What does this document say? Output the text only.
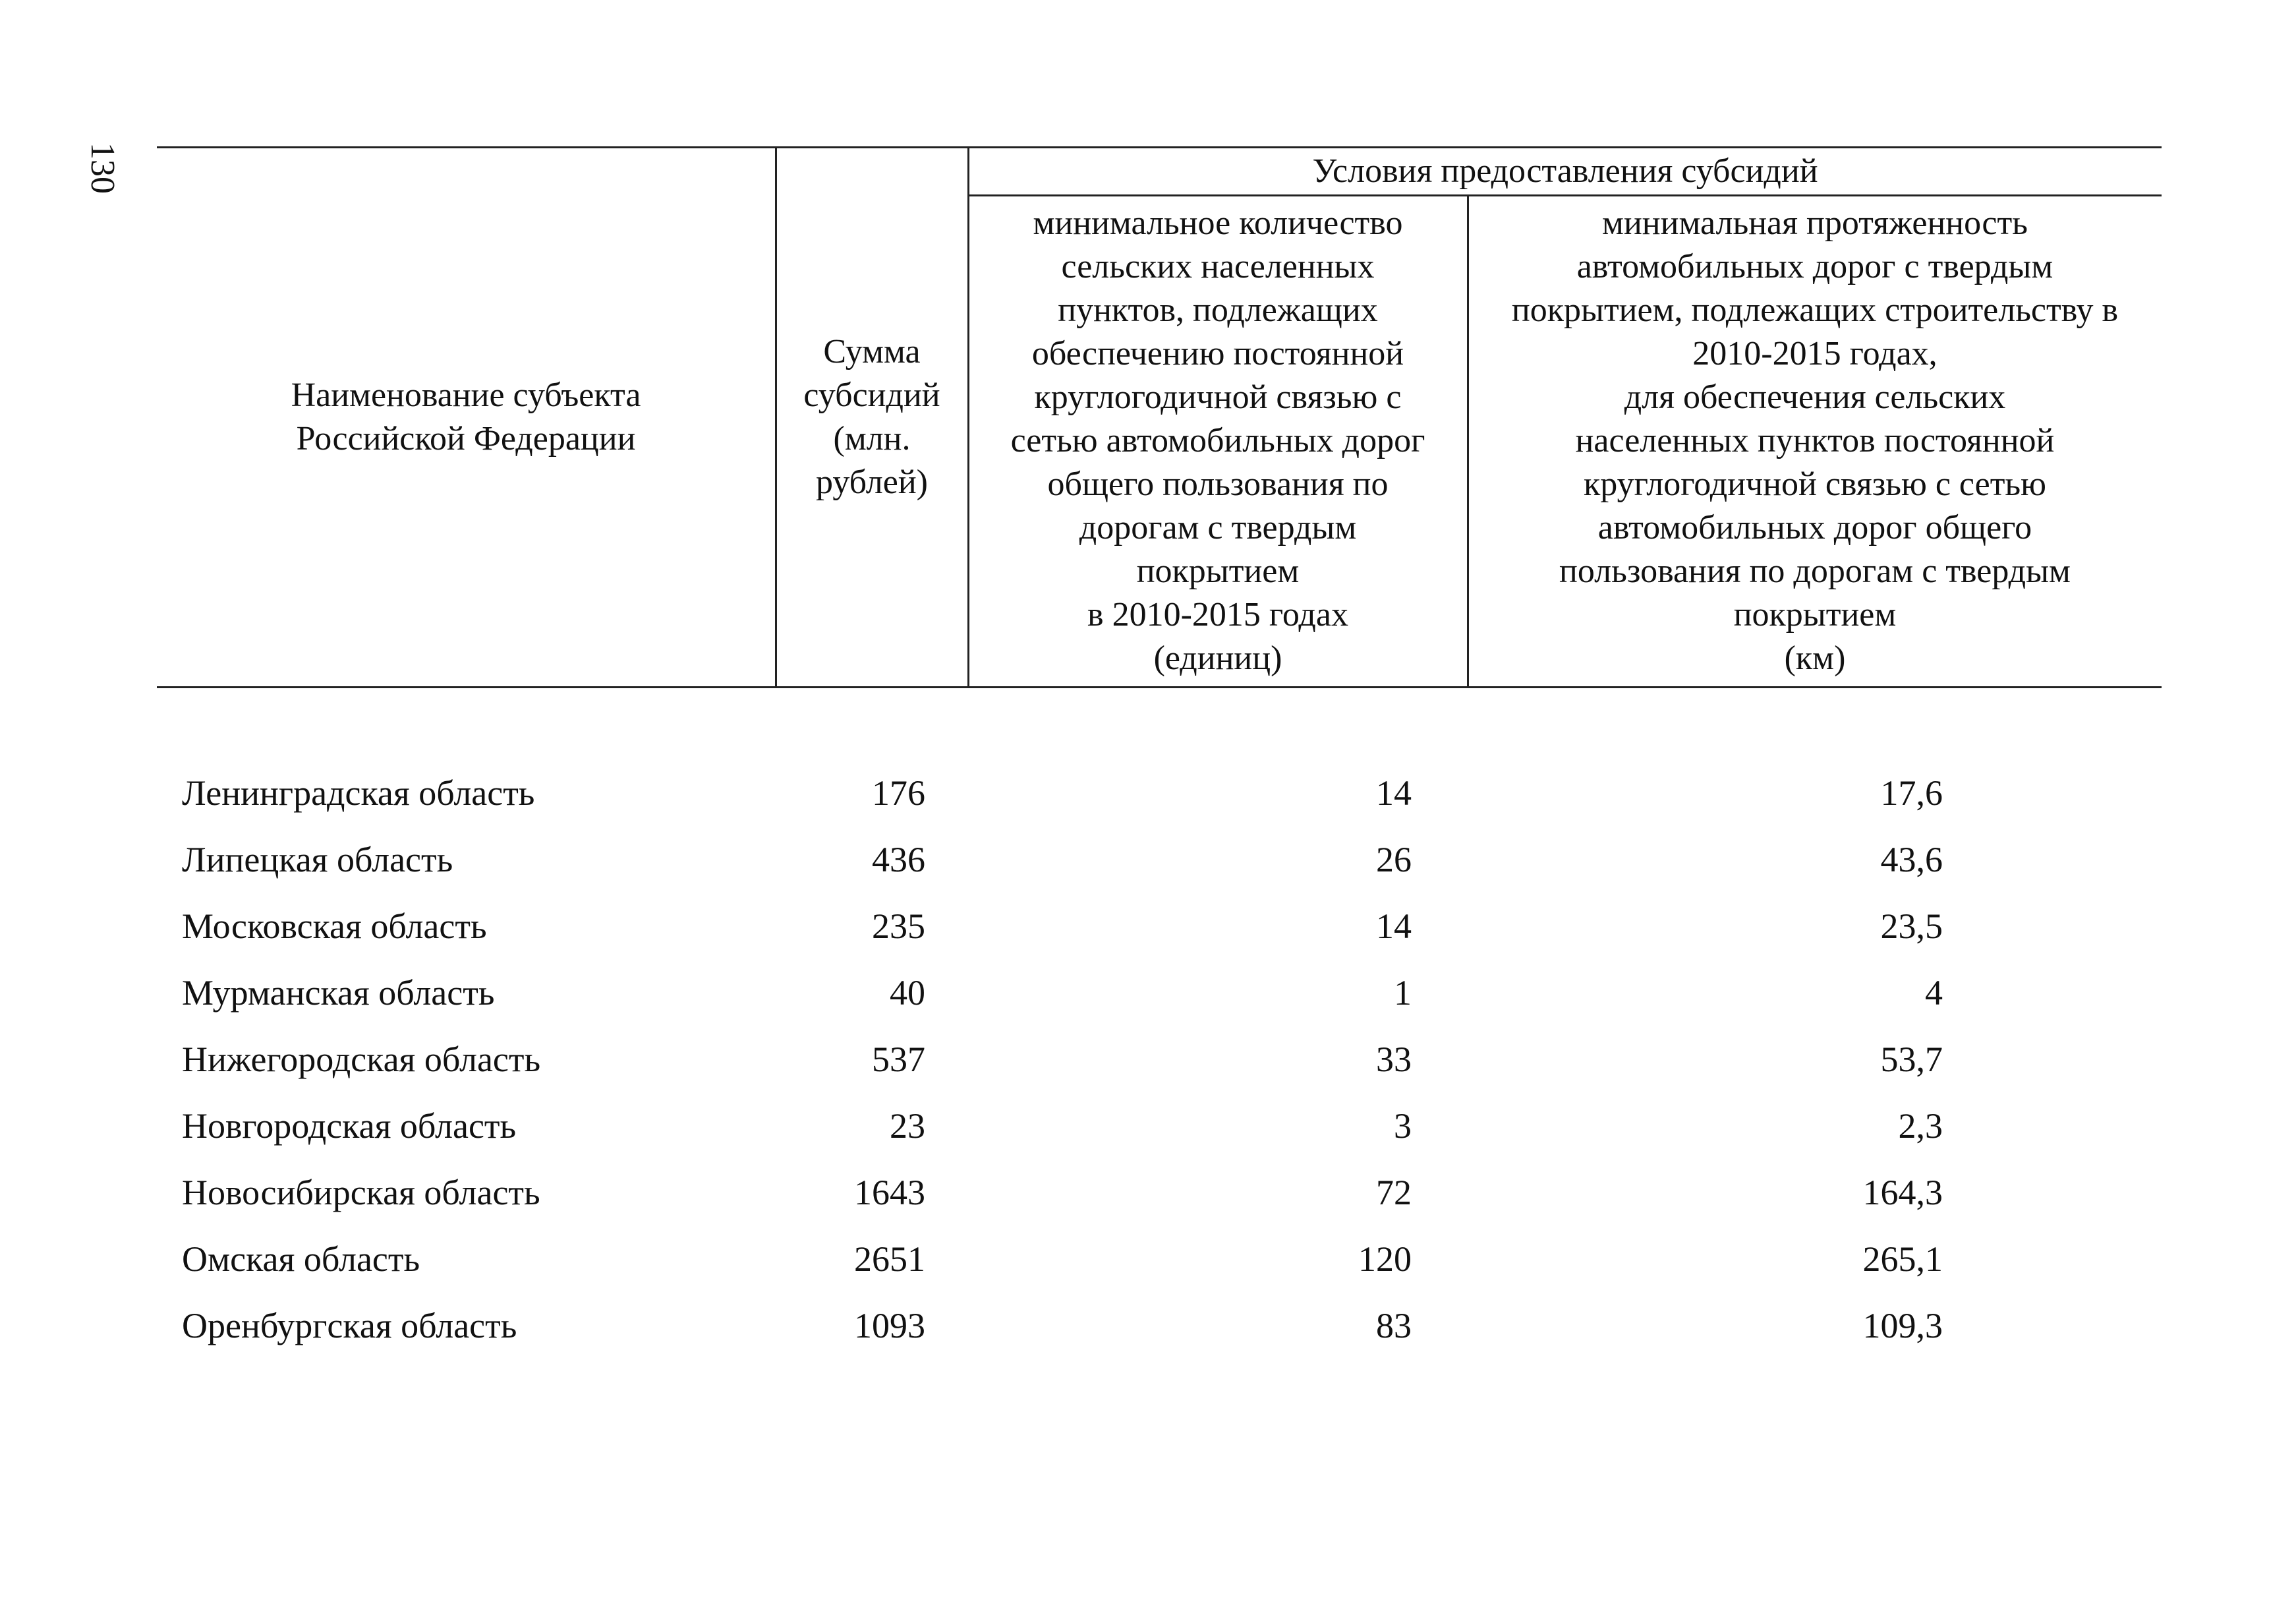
130
Наименование субъекта
Российской Федерации
Сумма
субсидий
(млн.
рублей)
Условия предоставления субсидий
минимальное количество
сельских населенных
пунктов, подлежащих
обеспечению постоянной
круглогодичной связью с
сетью автомобильных дорог
общего пользования по
дорогам с твердым
покрытием
в 2010-2015 годах
(единиц)
минимальная протяженность
автомобильных дорог с твердым
покрытием, подлежащих строительству в
2010-2015 годах,
для обеспечения сельских
населенных пунктов постоянной
круглогодичной связью с сетью
автомобильных дорог общего
пользования по дорогам с твердым
покрытием
(км)
Ленинградская область	176	14	17,6
Липецкая область	436	26	43,6
Московская область	235	14	23,5
Мурманская область	40	1	4
Нижегородская область	537	33	53,7
Новгородская область	23	3	2,3
Новосибирская область	1643	72	164,3
Омская область	2651	120	265,1
Оренбургская область	1093	83	109,3
